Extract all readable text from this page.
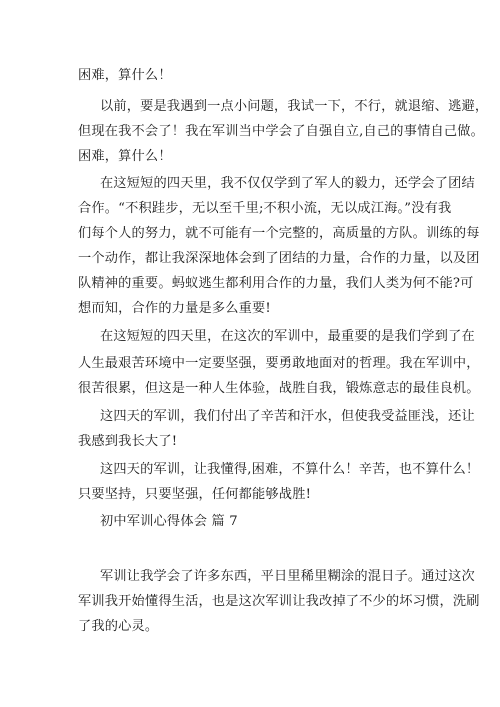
困难，算什么！
以前，要是我遇到一点小问题，我试一下，不行，就退缩、逃避，
但现在我不会了！我在军训当中学会了自强自立,自己的事情自己做。
困难，算什么！
在这短短的四天里，我不仅仅学到了军人的毅力，还学会了团结
合作。“不积跬步，无以至千里;不积小流，无以成江海。”没有我
们每个人的努力，就不可能有一个完整的，高质量的方队。训练的每
一个动作，都让我深深地体会到了团结的力量，合作的力量，以及团
队精神的重要。蚂蚁逃生都利用合作的力量，我们人类为何不能?可
想而知，合作的力量是多么重要!
在这短短的四天里，在这次的军训中，最重要的是我们学到了在
人生最艰苦环境中一定要坚强，要勇敢地面对的哲理。我在军训中，
很苦很累，但这是一种人生体验，战胜自我，锻炼意志的最佳良机。
这四天的军训，我们付出了辛苦和汗水，但使我受益匪浅，还让
我感到我长大了!
这四天的军训，让我懂得,困难，不算什么！辛苦，也不算什么！
只要坚持，只要坚强，任何都能够战胜!
初中军训心得体会 篇 7
军训让我学会了许多东西，平日里稀里糊涂的混日子。通过这次
军训我开始懂得生活，也是这次军训让我改掉了不少的坏习惯，洗刷
了我的心灵。
